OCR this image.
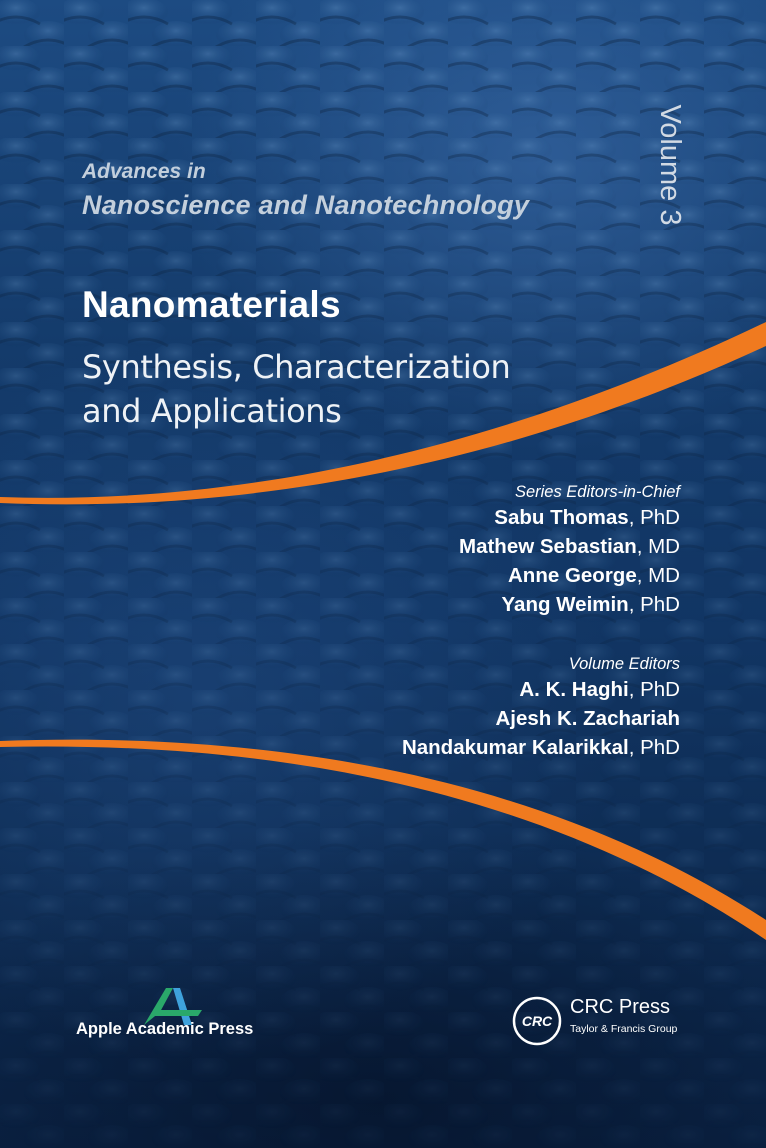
Advances in
Nanoscience and Nanotechnology	Volume 3
Nanomaterials
Synthesis, Characterization
and Applications
Series Editors-in-Chief
Sabu Thomas, PhD
Mathew Sebastian, MD
Anne George, MD
Yang Weimin, PhD
Volume Editors
A. K. Haghi, PhD
Ajesh K. Zachariah
Nandakumar Kalarikkal, PhD
Apple Academic Press	CRC
CRC Press
Taylor & Francis Group
